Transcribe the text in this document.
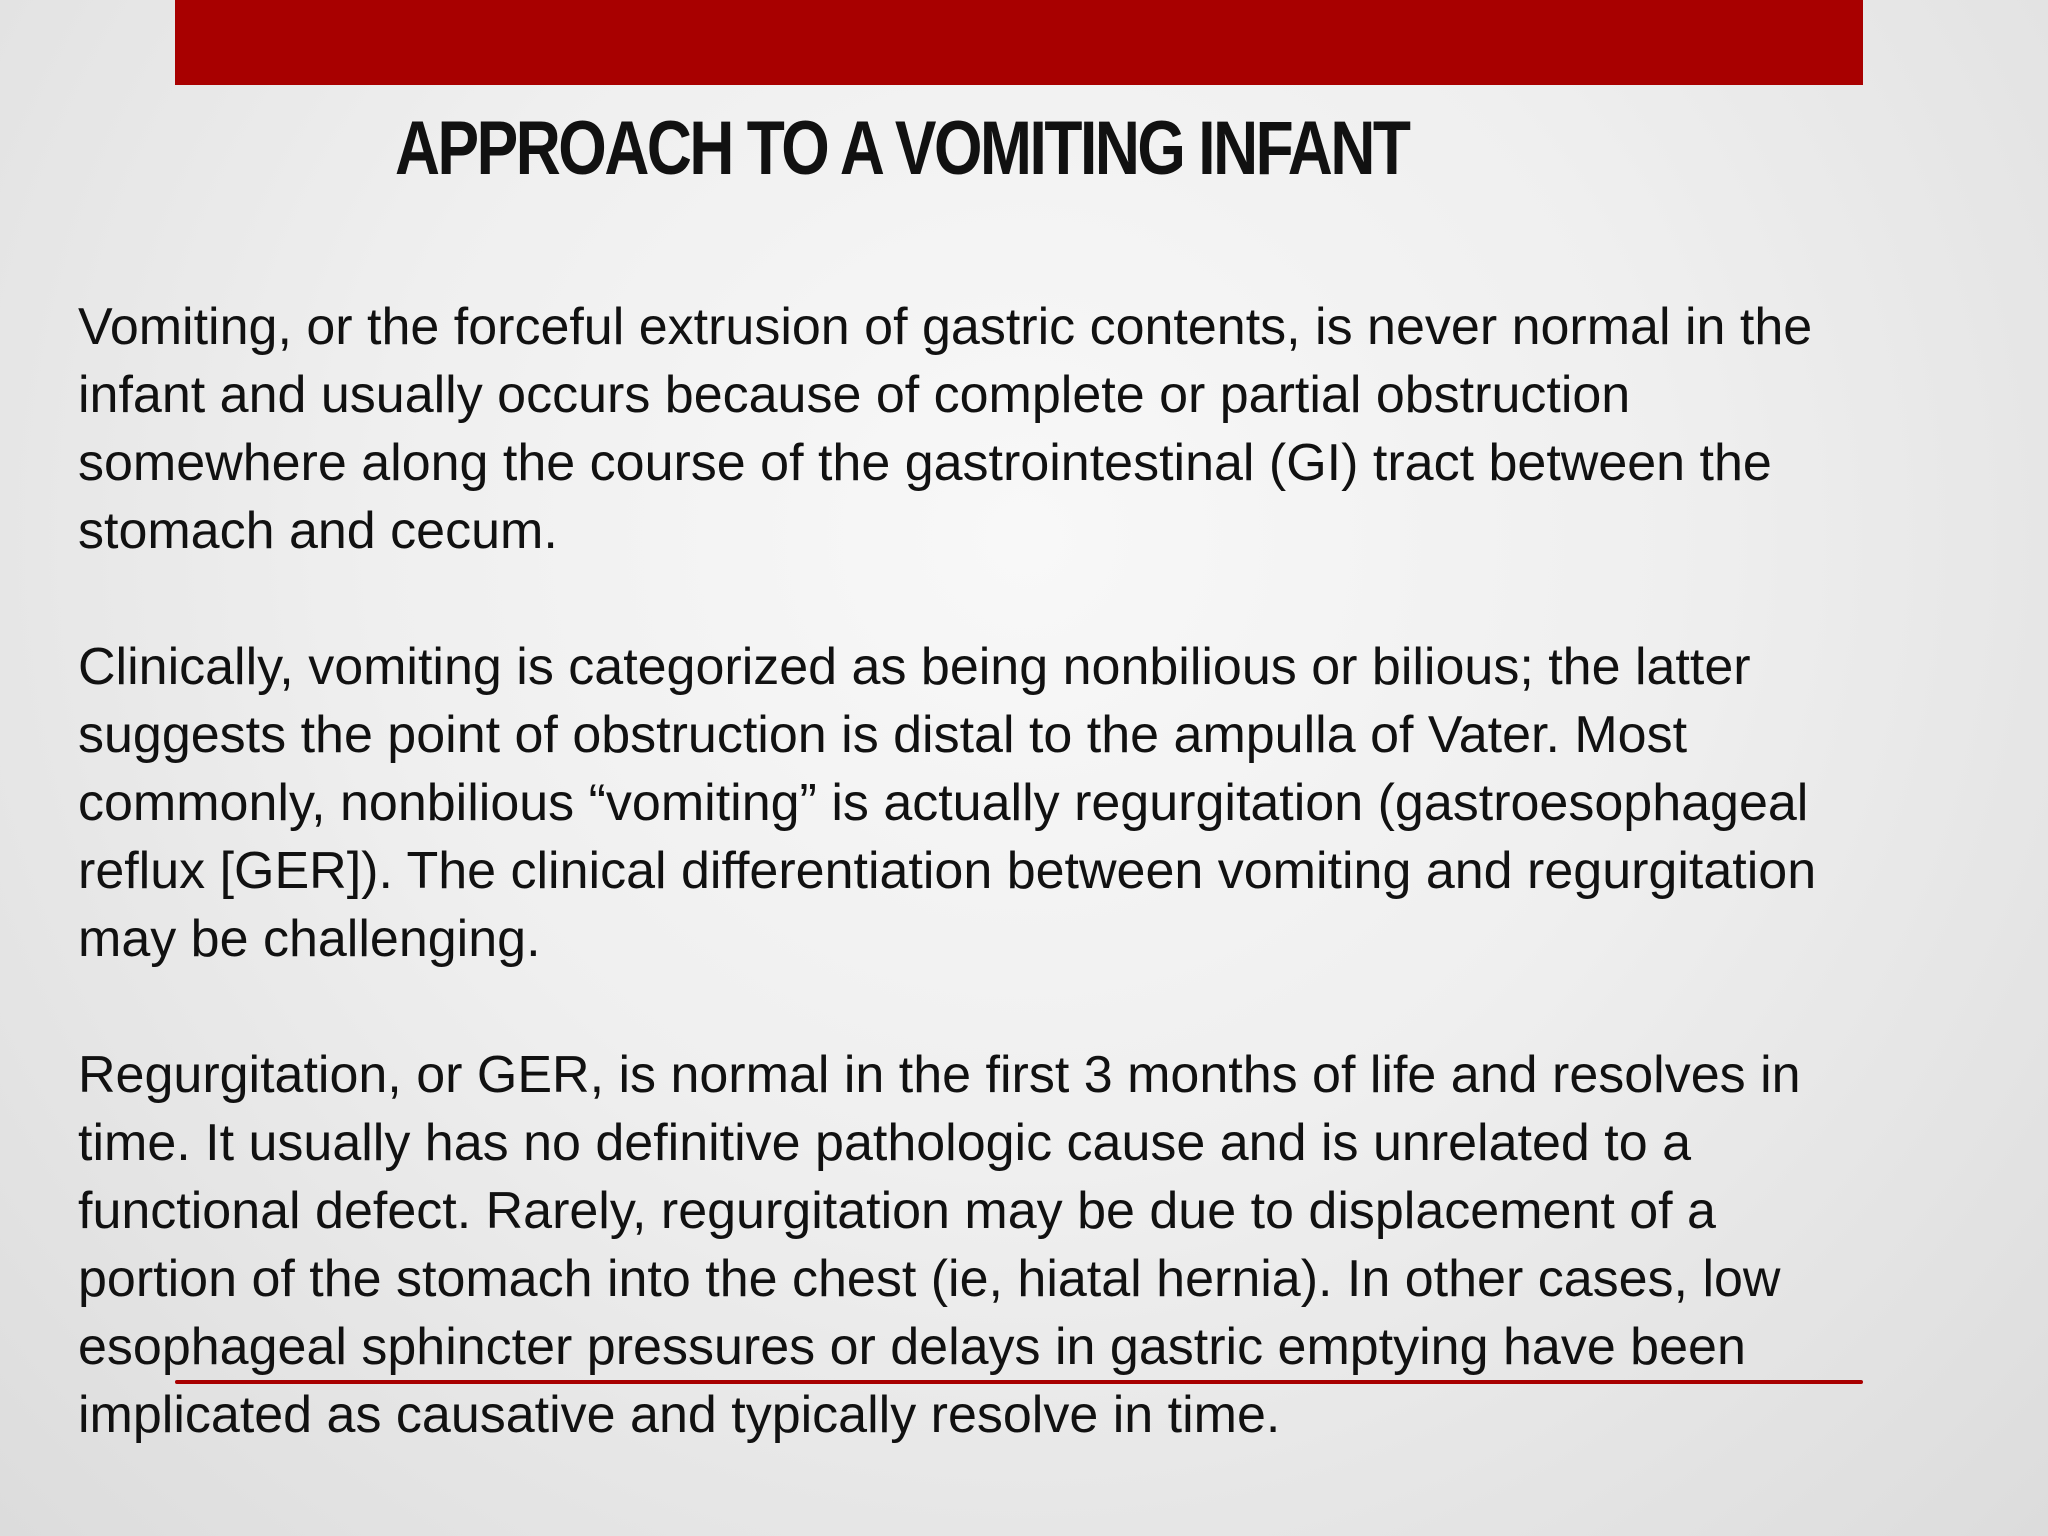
APPROACH TO A VOMITING INFANT

Vomiting, or the forceful extrusion of gastric contents, is never normal in the
infant and usually occurs because of complete or partial obstruction
somewhere along the course of the gastrointestinal (GI) tract between the
stomach and cecum.

Clinically, vomiting is categorized as being nonbilious or bilious; the latter
suggests the point of obstruction is distal to the ampulla of Vater. Most
commonly, nonbilious “vomiting” is actually regurgitation (gastroesophageal
reflux [GER]). The clinical differentiation between vomiting and regurgitation
may be challenging.

Regurgitation, or GER, is normal in the first 3 months of life and resolves in
time. It usually has no definitive pathologic cause and is unrelated to a
functional defect. Rarely, regurgitation may be due to displacement of a
portion of the stomach into the chest (ie, hiatal hernia). In other cases, low
esophageal sphincter pressures or delays in gastric emptying have been
implicated as causative and typically resolve in time.
